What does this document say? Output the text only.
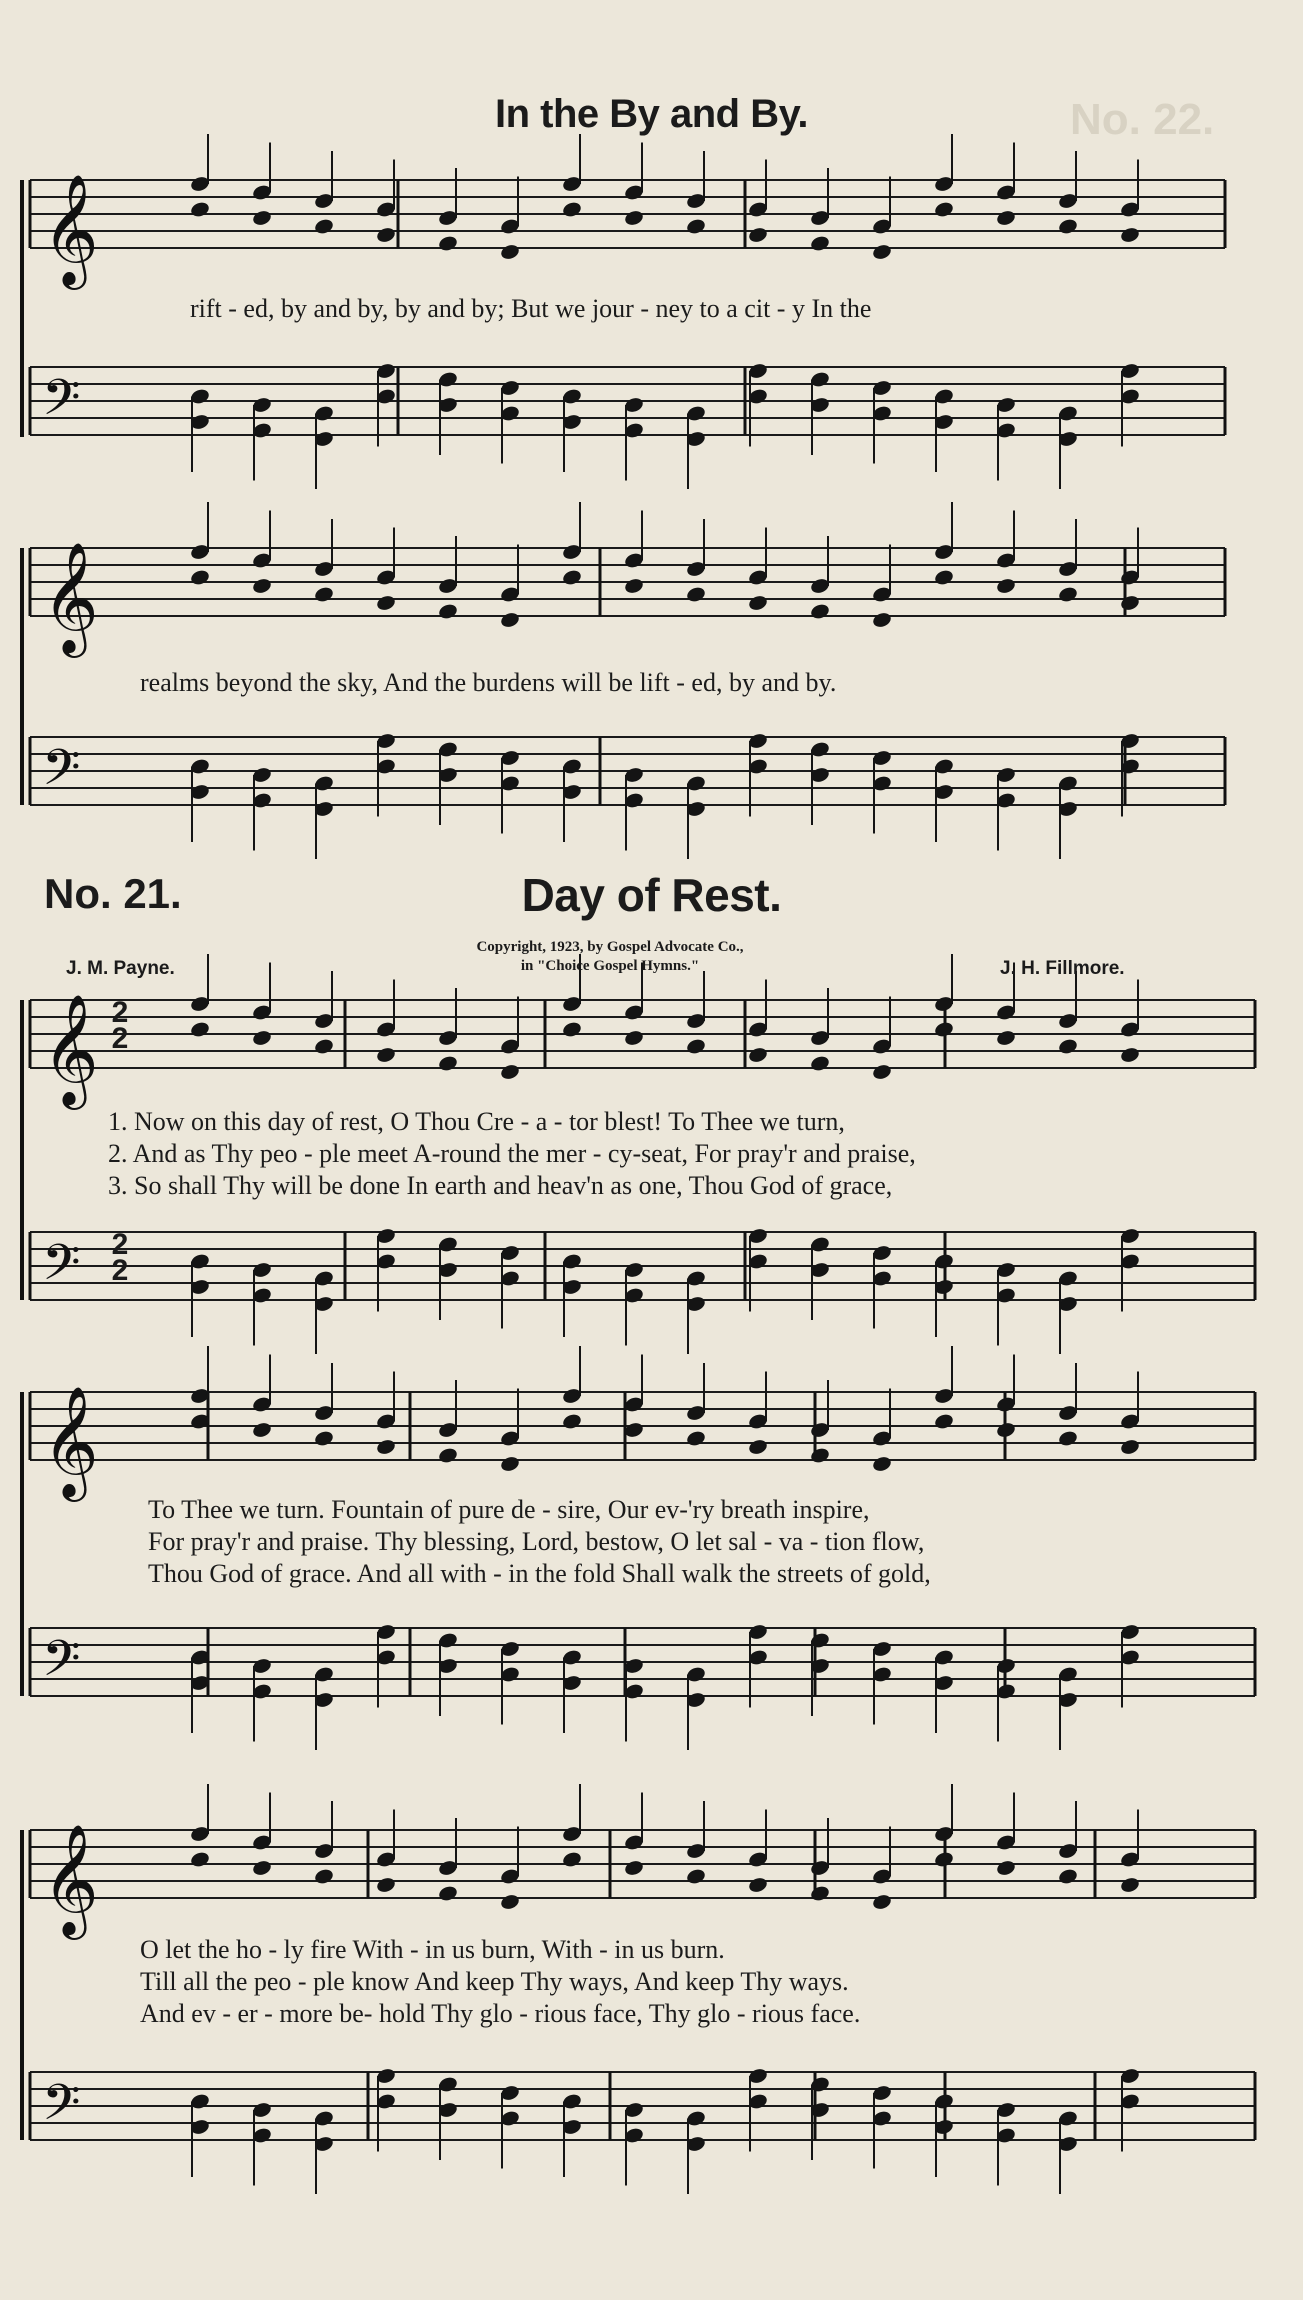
𝄞
𝄢
𝄞
𝄢
𝄞
𝄢
𝄞
𝄢
𝄞
𝄢
No. 22.
In the By and By.
rift - ed, by and by, by and by; But we jour - ney to a cit - y In the
realms beyond the sky, And the burdens will be lift - ed, by and by.
No. 21.	Day of Rest.
Copyright, 1923, by Gospel Advocate Co.,
in "Choice Gospel Hymns."
J. M. Payne.	J. H. Fillmore.
2
2
2
2
1. Now on this day of rest, O Thou Cre - a - tor blest! To Thee we turn,
2. And as Thy peo - ple meet A-round the mer - cy-seat, For pray'r and praise,
3. So shall Thy will be done In earth and heav'n as one, Thou God of grace,
To Thee we turn. Fountain of pure de - sire, Our ev-'ry breath inspire,
For pray'r and praise. Thy blessing, Lord, bestow, O let sal - va - tion flow,
Thou God of grace. And all with - in the fold Shall walk the streets of gold,
O let the ho - ly fire With - in us burn, With - in us burn.
Till all the peo - ple know And keep Thy ways, And keep Thy ways.
And ev - er - more be- hold Thy glo - rious face, Thy glo - rious face.
